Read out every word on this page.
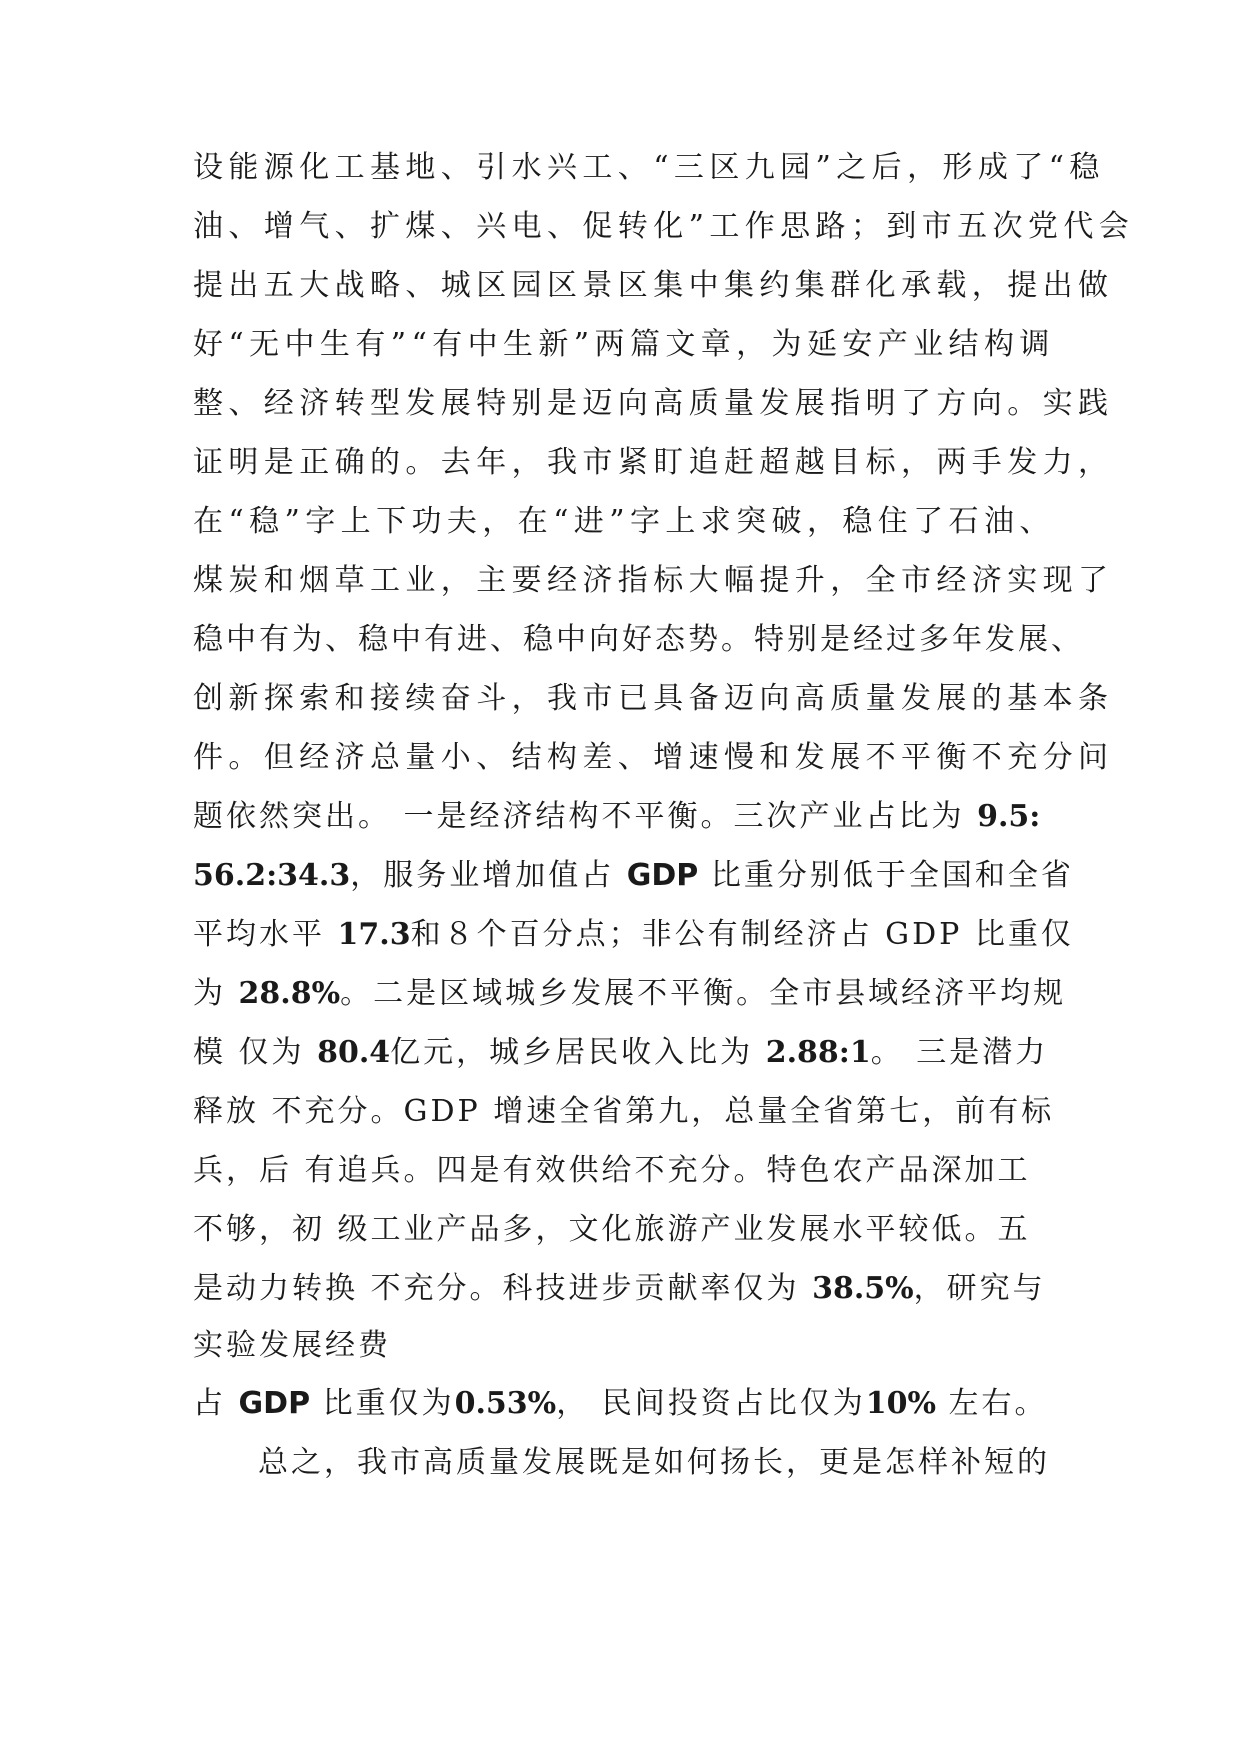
设能源化工基地、引水兴工、“三区九园”之后，形成了“稳
油、增气、扩煤、兴电、促转化”工作思路；到市五次党代会
提出五大战略、城区园区景区集中集约集群化承载，提出做
好“无中生有”“有中生新”两篇文章，为延安产业结构调
整、经济转型发展特别是迈向高质量发展指明了方向。实践
证明是正确的。去年，我市紧盯追赶超越目标，两手发力，
在“稳”字上下功夫，在“进”字上求突破，稳住了石油、
煤炭和烟草工业，主要经济指标大幅提升，全市经济实现了
稳中有为、稳中有进、稳中向好态势。特别是经过多年发展、
创新探索和接续奋斗，我市已具备迈向高质量发展的基本条
件。但经济总量小、结构差、增速慢和发展不平衡不充分问
题依然突出。 一是经济结构不平衡。三次产业占比为 9.5:
56.2:34.3，服务业增加值占 GDP 比重分别低于全国和全省
平均水平 17.3和８个百分点；非公有制经济占 GDP 比重仅
为 28.8%。二是区域城乡发展不平衡。全市县域经济平均规
模 仅为 80.4亿元，城乡居民收入比为 2.88:1。 三是潜力
释放 不充分。GDP 增速全省第九，总量全省第七，前有标
兵，后 有追兵。四是有效供给不充分。特色农产品深加工
不够，初 级工业产品多，文化旅游产业发展水平较低。五
是动力转换 不充分。科技进步贡献率仅为 38.5%，研究与
实验发展经费
占 GDP 比重仅为0.53%， 民间投资占比仅为10% 左右。
总之，我市高质量发展既是如何扬长，更是怎样补短的
